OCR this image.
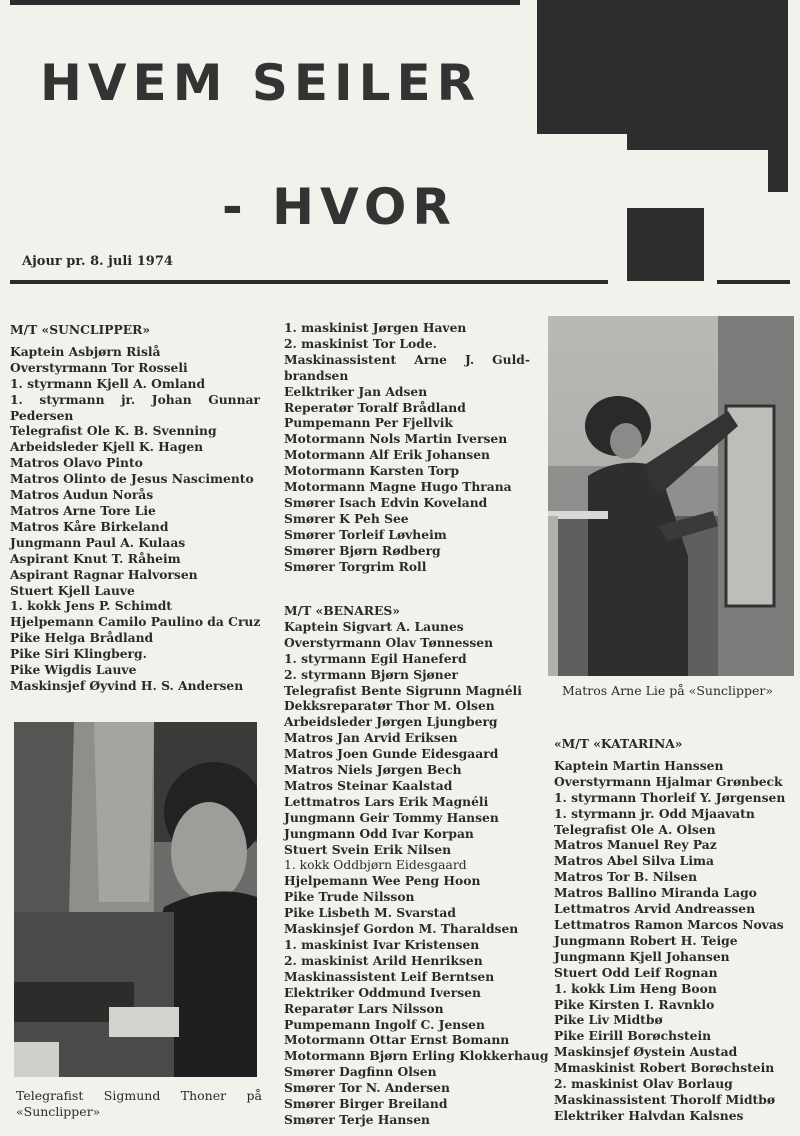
HVEM SEILER
- HVOR
Ajour pr. 8. juli 1974
M/T «SUNCLIPPER»
Kaptein Asbjørn Rislå
Overstyrmann Tor Rosseli
1. styrmann Kjell A. Omland
1. styrmann jr. Johan Gunnar
Pedersen
Telegrafist Ole K. B. Svenning
Arbeidsleder Kjell K. Hagen
Matros Olavo Pinto
Matros Olinto de Jesus Nascimento
Matros Audun Norås
Matros Arne Tore Lie
Matros Kåre Birkeland
Jungmann Paul A. Kulaas
Aspirant Knut T. Råheim
Aspirant Ragnar Halvorsen
Stuert Kjell Lauve
1. kokk Jens P. Schimdt
Hjelpemann Camilo Paulino da Cruz
Pike Helga Brådland
Pike Siri Klingberg.
Pike Wigdis Lauve
Maskinsjef Øyvind H. S. Andersen
1. maskinist Jørgen Haven
2. maskinist Tor Lode.
Maskinassistent Arne J. Guld-
brandsen
Eelktriker Jan Adsen
Reperatør Toralf Brådland
Pumpemann Per Fjellvik
Motormann Nols Martin Iversen
Motormann Alf Erik Johansen
Motormann Karsten Torp
Motormann Magne Hugo Thrana
Smører Isach Edvin Koveland
Smører K Peh See
Smører Torleif Løvheim
Smører Bjørn Rødberg
Smører Torgrim Roll
M/T «BENARES»
Kaptein Sigvart A. Launes
Overstyrmann Olav Tønnessen
1. styrmann Egil Haneferd
2. styrmann Bjørn Sjøner
Telegrafist Bente Sigrunn Magnéli
Dekksreparatør Thor M. Olsen
Arbeidsleder Jørgen Ljungberg
Matros Jan Arvid Eriksen
Matros Joen Gunde Eidesgaard
Matros Niels Jørgen Bech
Matros Steinar Kaalstad
Lettmatros Lars Erik Magnéli
Jungmann Geir Tommy Hansen
Jungmann Odd Ivar Korpan
Stuert Svein Erik Nilsen
1. kokk Oddbjørn Eidesgaard
Hjelpemann Wee Peng Hoon
Pike Trude Nilsson
Pike Lisbeth M. Svarstad
Maskinsjef Gordon M. Tharaldsen
1. maskinist Ivar Kristensen
2. maskinist Arild Henriksen
Maskinassistent Leif Berntsen
Elektriker Oddmund Iversen
Reparatør Lars Nilsson
Pumpemann Ingolf C. Jensen
Motormann Ottar Ernst Bomann
Motormann Bjørn Erling Klokkerhaug
Smører Dagfinn Olsen
Smører Tor N. Andersen
Smører Birger Breiland
Smører Terje Hansen
«M/T «KATARINA»
Kaptein Martin Hanssen
Overstyrmann Hjalmar Grønbeck
1. styrmann Thorleif Y. Jørgensen
1. styrmann jr. Odd Mjaavatn
Telegrafist Ole A. Olsen
Matros Manuel Rey Paz
Matros Abel Silva Lima
Matros Tor B. Nilsen
Matros Ballino Miranda Lago
Lettmatros Arvid Andreassen
Lettmatros Ramon Marcos Novas
Jungmann Robert H. Teige
Jungmann Kjell Johansen
Stuert Odd Leif Rognan
1. kokk Lim Heng Boon
Pike Kirsten I. Ravnklo
Pike Liv Midtbø
Pike Eirill Borøchstein
Maskinsjef Øystein Austad
Mmaskinist Robert Borøchstein
2. maskinist Olav Borlaug
Maskinassistent Thorolf Midtbø
Elektriker Halvdan Kalsnes
Matros Arne Lie på «Sunclipper»
Telegrafist Sigmund Thoner på «Sunclipper»
